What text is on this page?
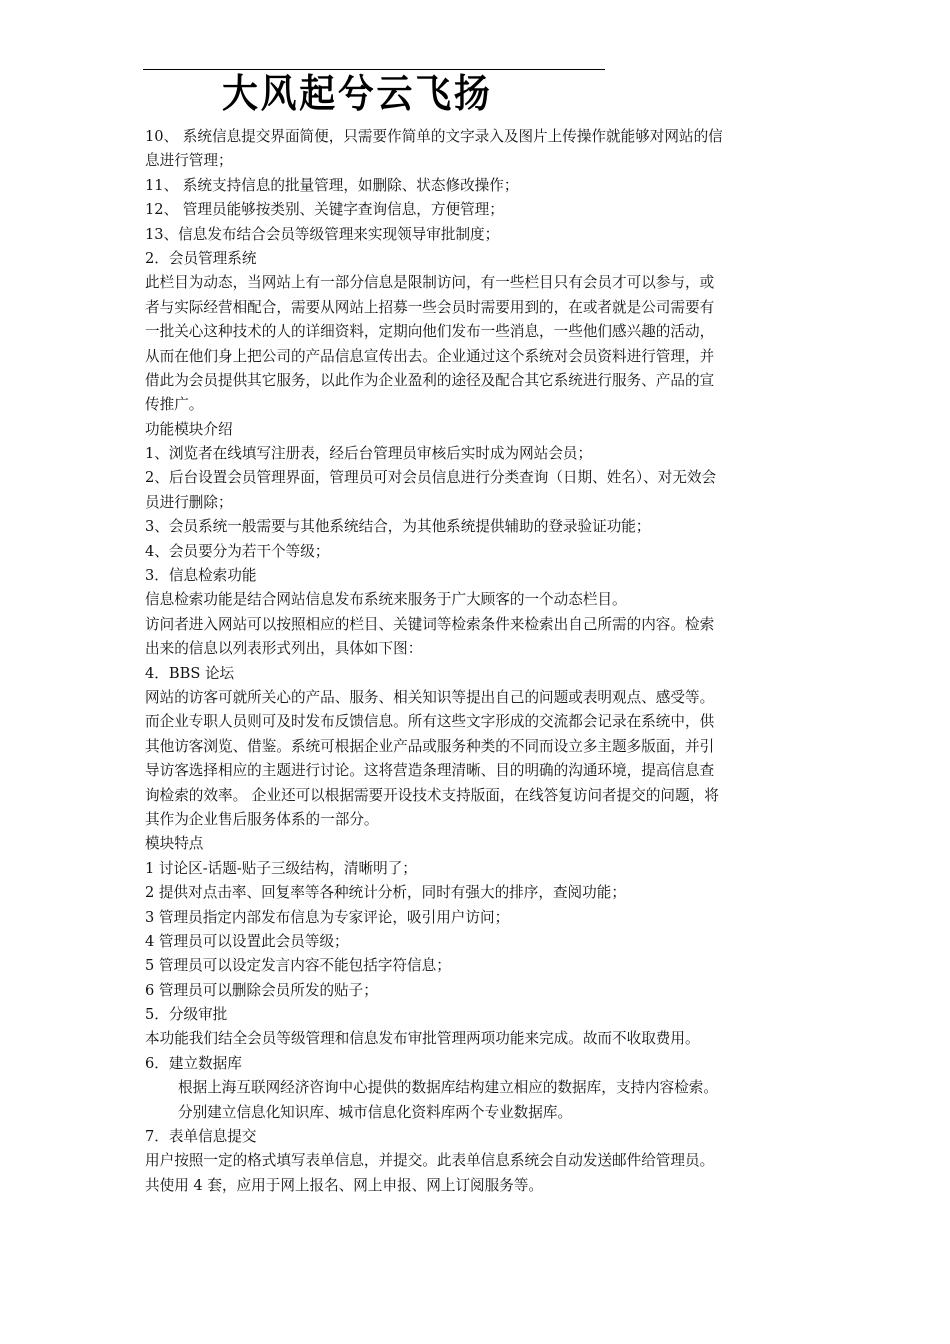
大风起兮云飞扬
10、 系统信息提交界面简便，只需要作简单的文字录入及图片上传操作就能够对网站的信
息进行管理；
11、 系统支持信息的批量管理，如删除、状态修改操作；
12、 管理员能够按类别、关键字查询信息，方便管理；
13、信息发布结合会员等级管理来实现领导审批制度；
2．会员管理系统
此栏目为动态，当网站上有一部分信息是限制访问，有一些栏目只有会员才可以参与，或
者与实际经营相配合，需要从网站上招募一些会员时需要用到的，在或者就是公司需要有
一批关心这种技术的人的详细资料，定期向他们发布一些消息，一些他们感兴趣的活动，
从而在他们身上把公司的产品信息宣传出去。企业通过这个系统对会员资料进行管理，并
借此为会员提供其它服务，以此作为企业盈利的途径及配合其它系统进行服务、产品的宣
传推广。
功能模块介绍
1、浏览者在线填写注册表，经后台管理员审核后实时成为网站会员；
2、后台设置会员管理界面，管理员可对会员信息进行分类查询（日期、姓名）、对无效会
员进行删除；
3、会员系统一般需要与其他系统结合，为其他系统提供辅助的登录验证功能；
4、会员要分为若干个等级；
3．信息检索功能
信息检索功能是结合网站信息发布系统来服务于广大顾客的一个动态栏目。
访问者进入网站可以按照相应的栏目、关键词等检索条件来检索出自己所需的内容。检索
出来的信息以列表形式列出，具体如下图：
4．BBS 论坛
网站的访客可就所关心的产品、服务、相关知识等提出自己的问题或表明观点、感受等。
而企业专职人员则可及时发布反馈信息。所有这些文字形成的交流都会记录在系统中，供
其他访客浏览、借鉴。系统可根据企业产品或服务种类的不同而设立多主题多版面，并引
导访客选择相应的主题进行讨论。这将营造条理清晰、目的明确的沟通环境，提高信息查
询检索的效率。 企业还可以根据需要开设技术支持版面，在线答复访问者提交的问题，将
其作为企业售后服务体系的一部分。
模块特点
1 讨论区-话题-贴子三级结构，清晰明了；
2 提供对点击率、回复率等各种统计分析，同时有强大的排序，查阅功能；
3 管理员指定内部发布信息为专家评论，吸引用户访问；
4 管理员可以设置此会员等级；
5 管理员可以设定发言内容不能包括字符信息；
6 管理员可以删除会员所发的贴子；
5．分级审批
本功能我们结全会员等级管理和信息发布审批管理两项功能来完成。故而不收取费用。
6．建立数据库
根据上海互联网经济咨询中心提供的数据库结构建立相应的数据库，支持内容检索。
分别建立信息化知识库、城市信息化资料库两个专业数据库。
7．表单信息提交
用户按照一定的格式填写表单信息，并提交。此表单信息系统会自动发送邮件给管理员。
共使用 4 套，应用于网上报名、网上申报、网上订阅服务等。
